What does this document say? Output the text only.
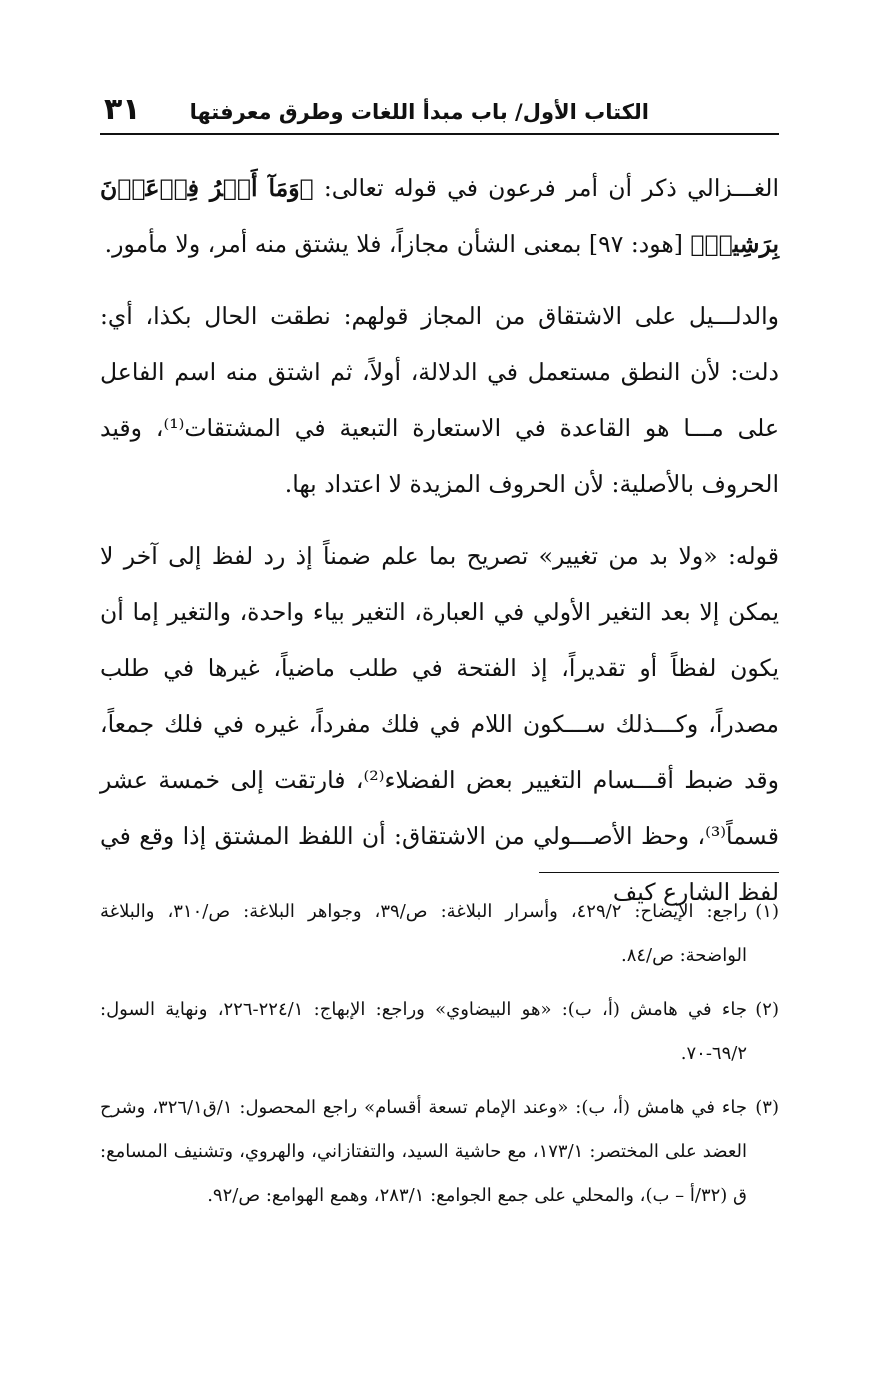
الكتاب الأول/ باب مبدأ اللغات وطرق معرفتها
٣١

الغـــزالي ذكر أن أمر فرعون في قوله تعالى: ﴿وَمَآ أَمۡرُ فِرۡعَوۡنَ بِرَشِيدٖ﴾ [هود: ٩٧] بمعنى الشأن مجازاً، فلا يشتق منه أمر، ولا مأمور.

والدلـــيل على الاشتقاق من المجاز قولهم: نطقت الحال بكذا، أي: دلت: لأن النطق مستعمل في الدلالة، أولاً، ثم اشتق منه اسم الفاعل على مـــا هو القاعدة في الاستعارة التبعية في المشتقات⁽¹⁾، وقيد الحروف بالأصلية: لأن الحروف المزيدة لا اعتداد بها.

قوله: «ولا بد من تغيير» تصريح بما علم ضمناً إذ رد لفظ إلى آخر لا يمكن إلا بعد التغير الأولي في العبارة، التغير بياء واحدة، والتغير إما أن يكون لفظاً أو تقديراً، إذ الفتحة في طلب ماضياً، غيرها في طلب مصدراً، وكـــذلك ســـكون اللام في فلك مفرداً، غيره في فلك جمعاً، وقد ضبط أقـــسام التغيير بعض الفضلاء⁽²⁾، فارتقت إلى خمسة عشر قسماً⁽³⁾، وحظ الأصـــولي من الاشتقاق: أن اللفظ المشتق إذا وقع في لفظ الشارع كيف

(١)
راجع: الإيضاح: ٤٢٩/٢، وأسرار البلاغة: ص/٣٩، وجواهر البلاغة: ص/٣١٠، والبلاغة الواضحة: ص/٨٤.
(٢)
جاء في هامش (أ، ب): «هو البيضاوي» وراجع: الإبهاج: ٢٢٤/١-٢٢٦، ونهاية السول: ٦٩/٢-٧٠.
(٣)
جاء في هامش (أ، ب): «وعند الإمام تسعة أقسام» راجع المحصول: ١/ق٣٢٦/١، وشرح العضد على المختصر: ١٧٣/١، مع حاشية السيد، والتفتازاني، والهروي، وتشنيف المسامع: ق (٣٢/أ – ب)، والمحلي على جمع الجوامع: ٢٨٣/١، وهمع الهوامع: ص/٩٢.
